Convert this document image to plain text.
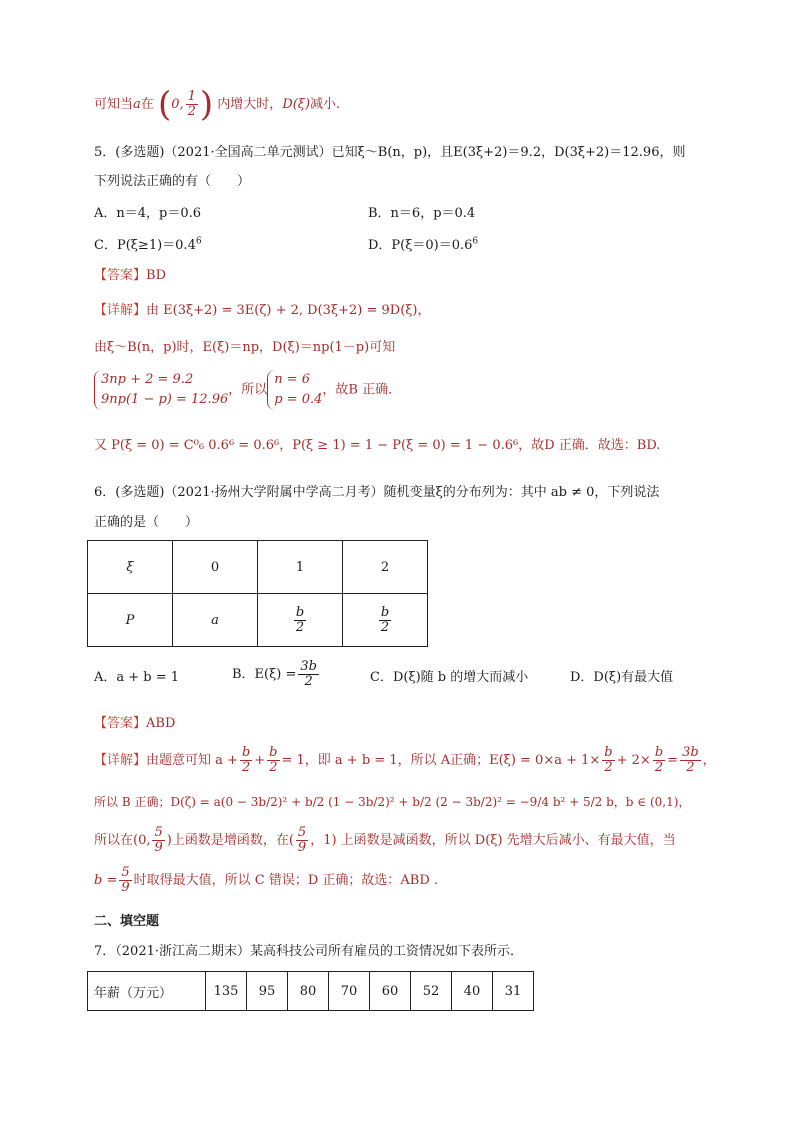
可知当a在 (0, $\frac{1}{2}$ ) 内增大时，D(ξ)减小.
5．(多选题)（2021·全国高二单元测试）已知ξ～B(n，p)，且E(3ξ+2)＝9.2，D(3ξ+2)＝12.96，则
下列说法正确的有（　　）
A．n＝4，p＝0.6	B．n＝6，p＝0.4
C．$P(\xi\ge 1)=0.4^6$	D．$P(\xi=0)=0.6^6$
【答案】BD
【详解】由 E(3ξ+2) = 3E(ζ) + 2, D(3ξ+2) = 9D(ξ)，
由ξ～B(n，p)时，E(ξ)＝np，D(ξ)＝np(1－p)可知
3np + 2 = 9.2
9np(1 − p) = 12.96，所以n = 6
p = 0.4，故B 正确．
又 P(ξ = 0) = C⁰₆ 0.6⁶ = 0.6⁶，P(ξ ≥ 1) = 1 − P(ξ = 0) = 1 − 0.6⁶，故D 正确．故选：BD.
6．(多选题)（2021·扬州大学附属中学高二月考）随机变量ξ的分布列为：其中 ab ≠ 0，下列说法
正确的是（　　）
ξ	0	1	2
P	a	$\frac{b}{2}$	$\frac{b}{2}$
A．a + b = 1	B．$E(\xi) = \frac{3b}{2}$	C．D(ξ)随 b 的增大而减小	D．D(ξ)有最大值
【答案】ABD
【详解】由题意可知 $a + \frac{b}{2} + \frac{b}{2} = 1$，即 a + b = 1，所以 A正确；$E(\xi) = 0\times a + 1\times \frac{b}{2} + 2\times \frac{b}{2} = \frac{3b}{2}$ ，
所以 B 正确；D(ζ) = a(0 − 3b/2)² + b/2 (1 − 3b/2)² + b/2 (2 − 3b/2)² = −9/4 b² + 5/2 b，b ∈ (0,1)，
所以在(0, $\frac{5}{9}$ )上函数是增函数，在( $\frac{5}{9}$ ，1) 上函数是减函数，所以 D(ξ) 先增大后减小、有最大值，当
$b = \frac{5}{9}$ 时取得最大值，所以 C 错误；D 正确；故选：ABD .
二、填空题
7．（2021·浙江高二期末）某高科技公司所有雇员的工资情况如下表所示．
年薪（万元）	135	95	80	70	60	52	40	31
